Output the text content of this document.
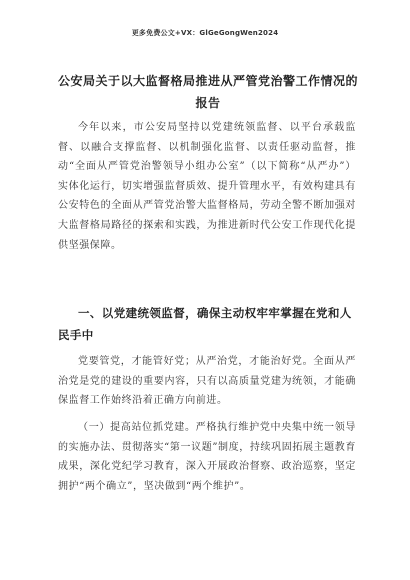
更多免费公文+VX：GlGeGongWen2024
公安局关于以大监督格局推进从严管党治警工作情况的报告
今年以来，市公安局坚持以党建统领监督、以平台承载监督、以融合支撑监督、以机制强化监督、以责任驱动监督，推动“全面从严管党治警领导小组办公室”（以下简称“从严办”）实体化运行，切实增强监督质效、提升管理水平，有效构建具有公安特色的全面从严管党治警大监督格局，劳动全警不断加强对大监督格局路径的探索和实践，为推进新时代公安工作现代化提供坚强保障。
一、以党建统领监督，确保主动权牢牢掌握在党和人民手中
党要管党，才能管好党；从严治党，才能治好党。全面从严治党是党的建设的重要内容，只有以高质量党建为统领，才能确保监督工作始终沿着正确方向前进。
（一）提高站位抓党建。严格执行维护党中央集中统一领导的实施办法、贯彻落实“第一议题”制度，持续巩固拓展主题教育成果，深化党纪学习教育，深入开展政治督察、政治巡察，坚定拥护“两个确立”，坚决做到“两个维护”。
